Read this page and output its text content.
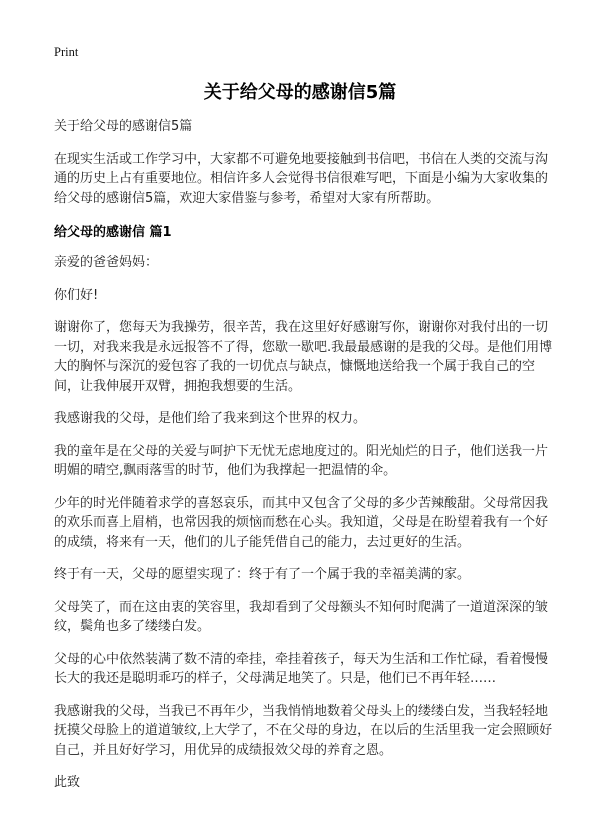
Print
关于给父母的感谢信5篇

关于给父母的感谢信5篇

在现实生活或工作学习中，大家都不可避免地要接触到书信吧，书信在人类的交流与沟通的历史上占有重要地位。相信许多人会觉得书信很难写吧，下面是小编为大家收集的给父母的感谢信5篇，欢迎大家借鉴与参考，希望对大家有所帮助。

给父母的感谢信 篇1

亲爱的爸爸妈妈：

你们好!

谢谢你了，您每天为我操劳，很辛苦，我在这里好好感谢写你，谢谢你对我付出的一切一切，对我来我是永远报答不了得，您歇一歇吧.我最最感谢的是我的父母。是他们用博大的胸怀与深沉的爱包容了我的一切优点与缺点，慷慨地送给我一个属于我自己的空间，让我伸展开双臂，拥抱我想要的生活。

我感谢我的父母，是他们给了我来到这个世界的权力。

我的童年是在父母的关爱与呵护下无忧无虑地度过的。阳光灿烂的日子，他们送我一片明媚的晴空,飘雨落雪的时节，他们为我撑起一把温情的伞。

少年的时光伴随着求学的喜怒哀乐，而其中又包含了父母的多少苦辣酸甜。父母常因我的欢乐而喜上眉梢，也常因我的烦恼而愁在心头。我知道，父母是在盼望着我有一个好的成绩，将来有一天，他们的儿子能凭借自己的能力，去过更好的生活。

终于有一天，父母的愿望实现了：终于有了一个属于我的幸福美满的家。

父母笑了，而在这由衷的笑容里，我却看到了父母额头不知何时爬满了一道道深深的皱纹，鬓角也多了缕缕白发。

父母的心中依然装满了数不清的牵挂，牵挂着孩子，每天为生活和工作忙碌，看着慢慢长大的我还是聪明乖巧的样子，父母满足地笑了。只是，他们已不再年轻……

我感谢我的父母，当我已不再年少，当我悄悄地数着父母头上的缕缕白发，当我轻轻地抚摸父母脸上的道道皱纹,上大学了，不在父母的身边，在以后的生活里我一定会照顾好自己，并且好好学习，用优异的成绩报效父母的养育之恩。

此致
